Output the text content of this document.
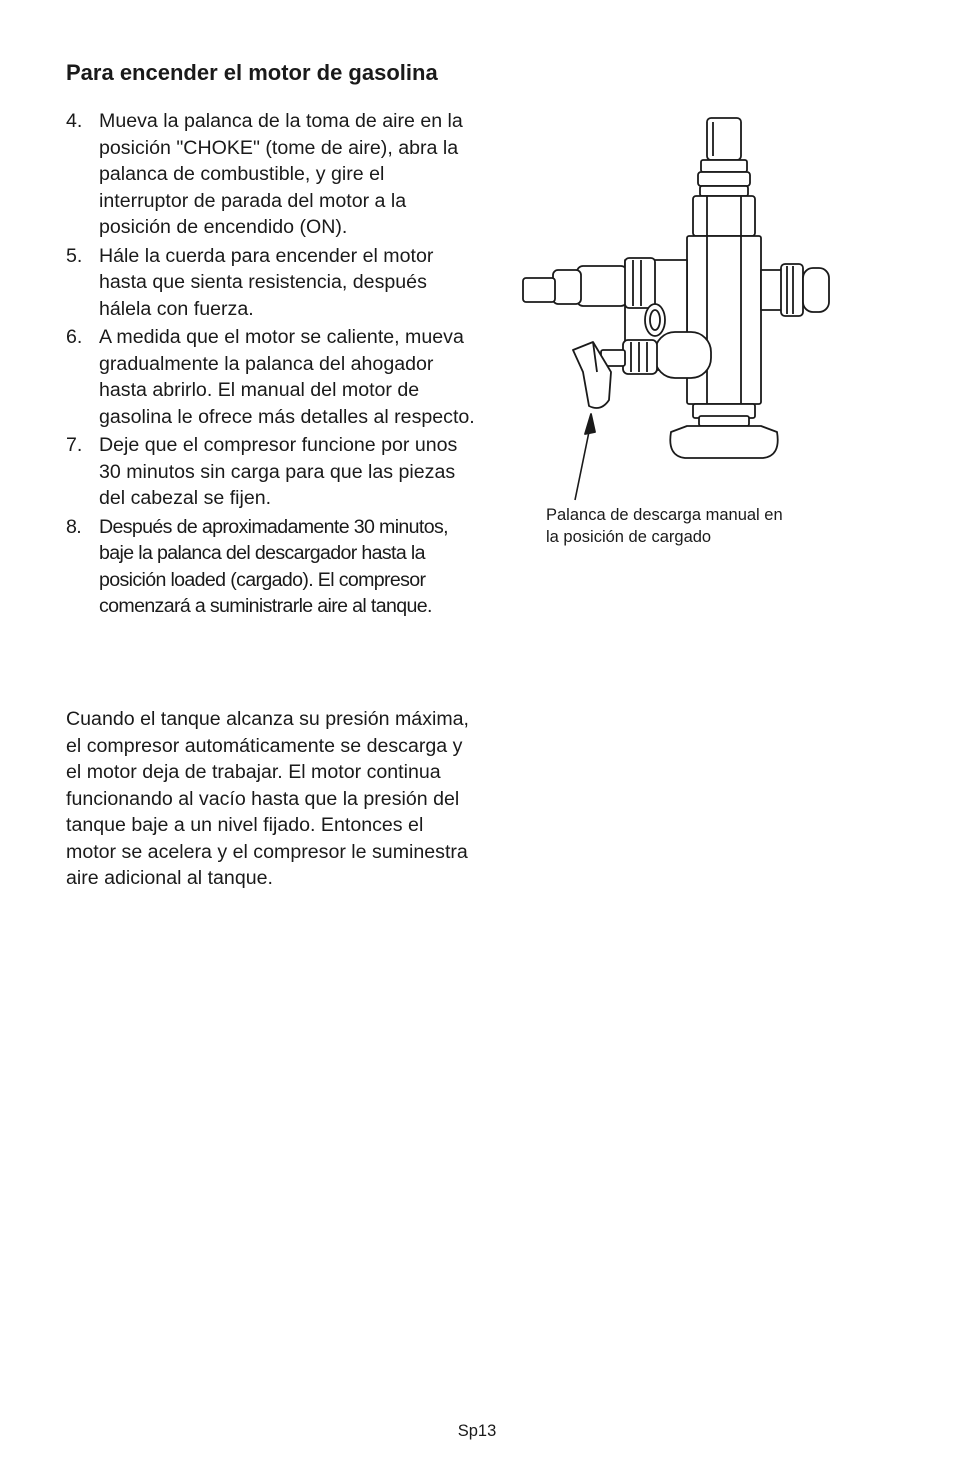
Para encender el motor de gasolina
4. Mueva la palanca de la toma de aire en la posición "CHOKE" (tome de aire), abra la palanca de combustible, y gire el interruptor de parada del motor a la posición de encendido (ON).
5. Hále la cuerda para encender el motor hasta que sienta resistencia, después hálela con fuerza.
6. A medida que el motor se caliente, mueva gradualmente la palanca del ahogador hasta abrirlo. El manual del motor de gasolina le ofrece más detalles al respecto.
7. Deje que el compresor funcione por unos 30 minutos sin carga para que las piezas del cabezal se fijen.
8. Después de aproximadamente 30 minutos, baje la palanca del descargador hasta la posición loaded (cargado). El compresor comenzará a suministrarle aire al tanque.

Cuando el tanque alcanza su presión máxima, el compresor automáticamente se descarga y el motor deja de trabajar. El motor continua funcionando al vacío hasta que la presión del tanque baje a un nivel fijado. Entonces el motor se acelera y el compresor le suminestra aire adicional al tanque.

Palanca de descarga manual en la posición de cargado

Sp13
